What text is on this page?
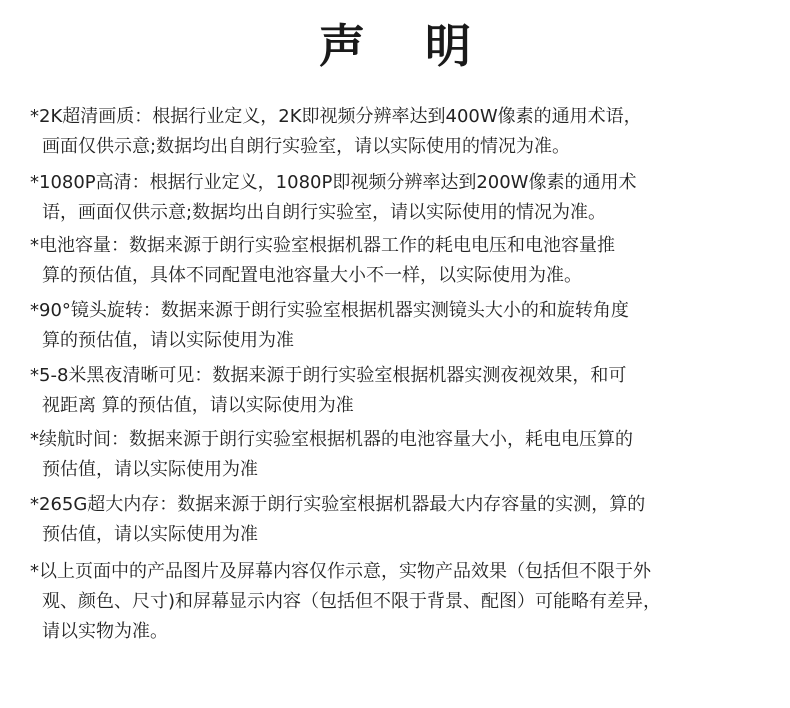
声 明
*2K超清画质：根据行业定义，2K即视频分辨率达到400W像素的通用术语，
画面仅供示意;数据均出自朗行实验室，请以实际使用的情况为准。
*1080P高清：根据行业定义，1080P即视频分辨率达到200W像素的通用术
语，画面仅供示意;数据均出自朗行实验室，请以实际使用的情况为准。
*电池容量：数据来源于朗行实验室根据机器工作的耗电电压和电池容量推
算的预估值，具体不同配置电池容量大小不一样，以实际使用为准。
*90°镜头旋转：数据来源于朗行实验室根据机器实测镜头大小的和旋转角度
算的预估值，请以实际使用为准
*5-8米黑夜清晰可见：数据来源于朗行实验室根据机器实测夜视效果，和可
视距离 算的预估值，请以实际使用为准
*续航时间：数据来源于朗行实验室根据机器的电池容量大小，耗电电压算的
预估值，请以实际使用为准
*265G超大内存：数据来源于朗行实验室根据机器最大内存容量的实测，算的
预估值，请以实际使用为准
*以上页面中的产品图片及屏幕内容仅作示意，实物产品效果（包括但不限于外
观、颜色、尺寸)和屏幕显示内容（包括但不限于背景、配图）可能略有差异，
请以实物为准。
